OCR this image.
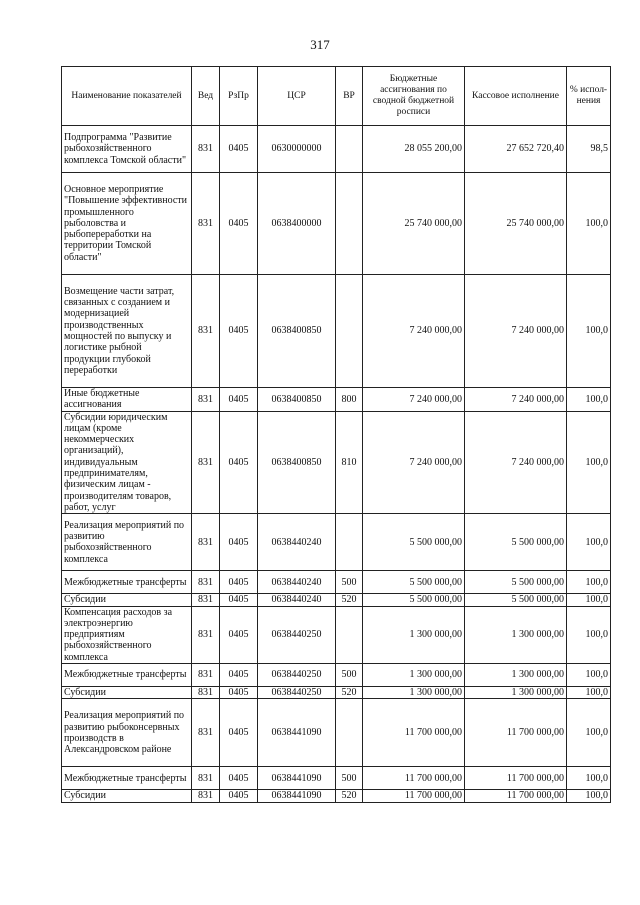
317
Наименование показателей	Вед	РзПр	ЦСР	ВР	Бюджетные ассигнования по сводной бюджетной росписи	Кассовое исполнение	% испол-нения
Подпрограмма "Развитие рыбохозяйственного комплекса Томской области"	831	0405	0630000000		28 055 200,00	27 652 720,40	98,5
Основное мероприятие "Повышение эффективности промышленного рыболовства и рыбопереработки на территории Томской области"	831	0405	0638400000		25 740 000,00	25 740 000,00	100,0
Возмещение части затрат, связанных с созданием и модернизацией производственных мощностей по выпуску и логистике рыбной продукции глубокой переработки	831	0405	0638400850		7 240 000,00	7 240 000,00	100,0
Иные бюджетные ассигнования	831	0405	0638400850	800	7 240 000,00	7 240 000,00	100,0
Субсидии юридическим лицам (кроме некоммерческих организаций), индивидуальным предпринимателям, физическим лицам - производителям товаров, работ, услуг	831	0405	0638400850	810	7 240 000,00	7 240 000,00	100,0
Реализация мероприятий по развитию рыбохозяйственного комплекса	831	0405	0638440240		5 500 000,00	5 500 000,00	100,0
Межбюджетные трансферты	831	0405	0638440240	500	5 500 000,00	5 500 000,00	100,0
Субсидии	831	0405	0638440240	520	5 500 000,00	5 500 000,00	100,0
Компенсация расходов за электроэнергию предприятиям рыбохозяйственного комплекса	831	0405	0638440250		1 300 000,00	1 300 000,00	100,0
Межбюджетные трансферты	831	0405	0638440250	500	1 300 000,00	1 300 000,00	100,0
Субсидии	831	0405	0638440250	520	1 300 000,00	1 300 000,00	100,0
Реализация мероприятий по развитию рыбоконсервных производств в Александровском районе	831	0405	0638441090		11 700 000,00	11 700 000,00	100,0
Межбюджетные трансферты	831	0405	0638441090	500	11 700 000,00	11 700 000,00	100,0
Субсидии	831	0405	0638441090	520	11 700 000,00	11 700 000,00	100,0
